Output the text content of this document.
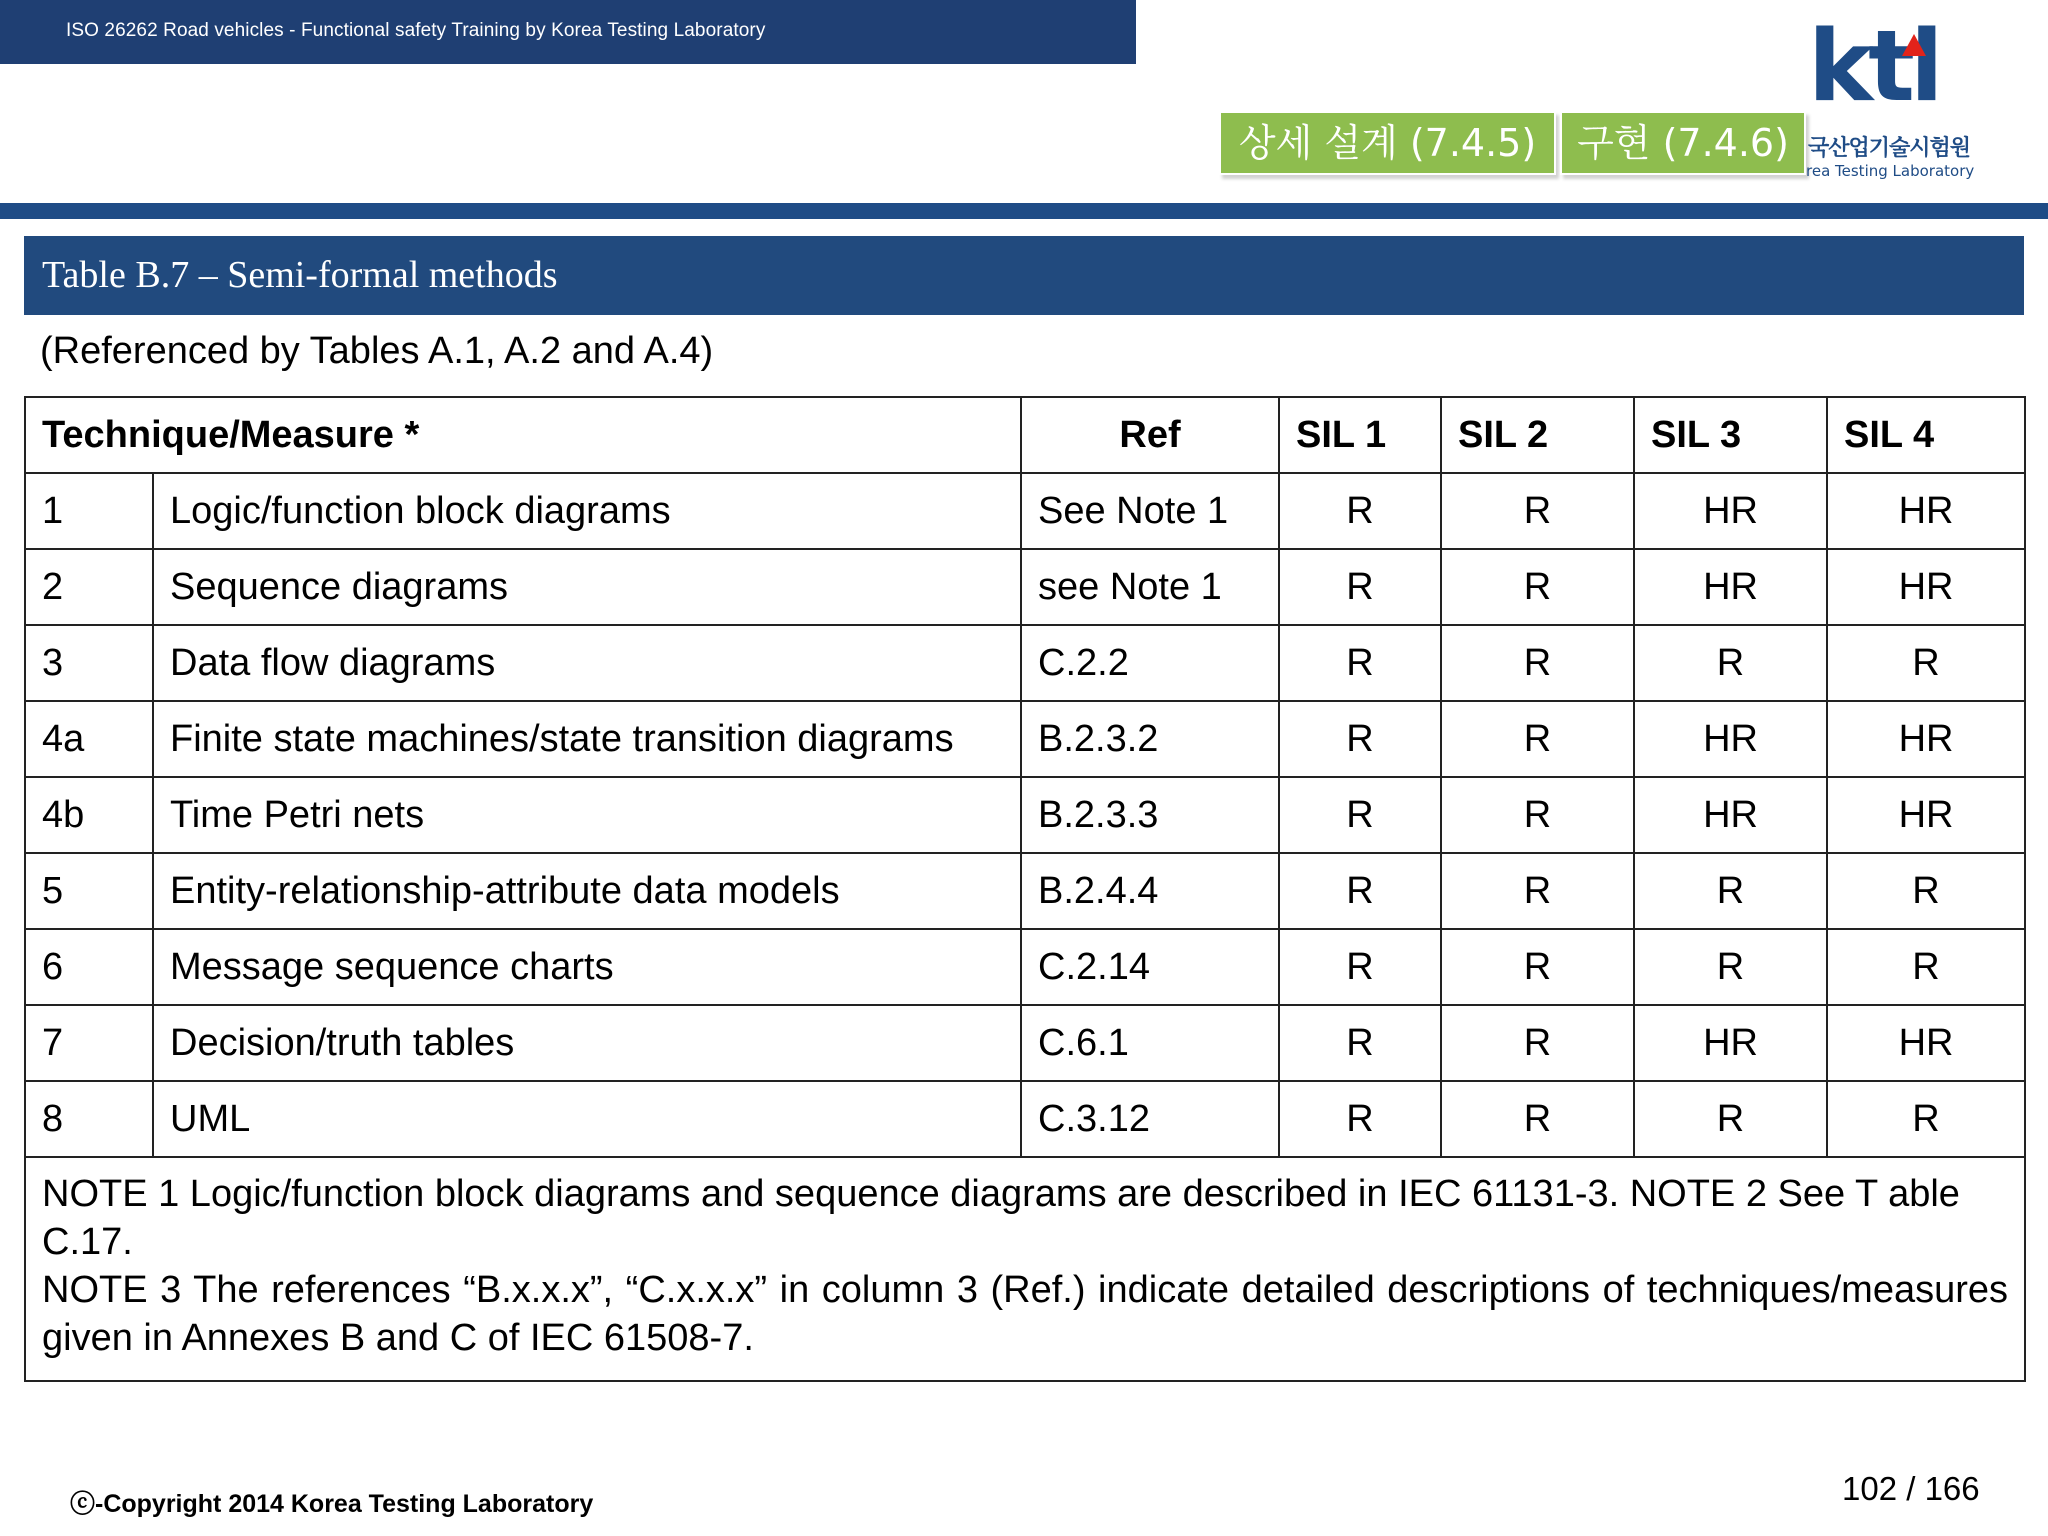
ISO 26262 Road vehicles - Functional safety Training by Korea Testing Laboratory
상세 설계 (7.4.5)	구현 (7.4.6)
ktl
국산업기술시험원
rea Testing Laboratory
Table B.7 – Semi-formal methods
(Referenced by Tables A.1, A.2 and A.4)
Technique/Measure *		Ref	SIL 1	SIL 2	SIL 3	SIL 4
1	Logic/function block diagrams	See Note 1	R	R	HR	HR
2	Sequence diagrams	see Note 1	R	R	HR	HR
3	Data flow diagrams	C.2.2	R	R	R	R
4a	Finite state machines/state transition diagrams	B.2.3.2	R	R	HR	HR
4b	Time Petri nets	B.2.3.3	R	R	HR	HR
5	Entity-relationship-attribute data models	B.2.4.4	R	R	R	R
6	Message sequence charts	C.2.14	R	R	R	R
7	Decision/truth tables	C.6.1	R	R	HR	HR
8	UML	C.3.12	R	R	R	R

NOTE 1 Logic/function block diagrams and sequence diagrams are described in IEC 61131-3. NOTE 2 See T able C.17.
NOTE 3 The references “B.x.x.x”, “C.x.x.x” in column 3 (Ref.) indicate detailed descriptions of techniques/measures given in Annexes B and C of IEC 61508-7.						
ⓒ-Copyright 2014 Korea Testing Laboratory	102 / 166
